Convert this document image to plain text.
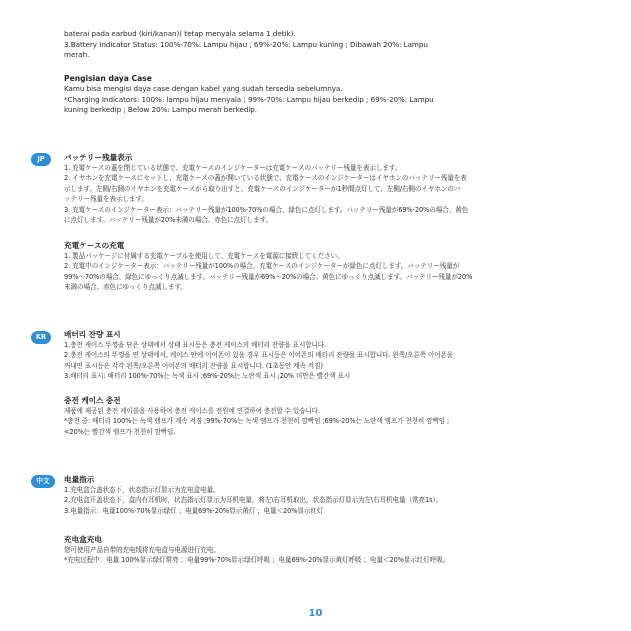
baterai pada earbud (kiri/kanan)( tetap menyala selama 1 detik).

3.Battery Indicator Status: 100%-70%: Lampu hijau ; 69%-20%: Lampu kuning ; Dibawah 20%: Lampu

merah.

Pengisian daya Case

Kamu bisa mengisi daya case dengan kabel yang sudah tersedia sebelumnya.

*Charging Indicators: 100%: lampu hijau menyala ; 99%-70%: Lampu hijau berkedip ; 69%-20%: Lampu

kuning berkedip ; Below 20%: Lampu merah berkedip.

JP	バッテリー残量表示

1. 充電ケースの蓋を閉じている状態で、充電ケースのインジケーターは充電ケースのバッテリー残量を表示します。

2. イヤホンを充電ケースにセットし、充電ケースの蓋が開いている状態で、充電ケースのインジケーターはイヤホンのバッテリー残量を表

示します。左側/右側のイヤホンを充電ケースから取り出すと、充電ケースのインジケーターが1秒間点灯して、左側/右側のイヤホンのバ

ッテリー残量を表示します。

3. 充電ケースのインジケーター表示：バッテリー残量が100%-70%の場合、緑色に点灯します。バッテリー残量が69%-20%の場合、黄色

に点灯します。バッテリー残量が20%未満の場合、赤色に点灯します。

充電ケースの充電

1. 製品パッケージに付属する充電ケーブルを使用して、充電ケースを電源に接続してください。

2. 充電中のインジケーター表示：バッテリー残量が100%の場合、充電ケースのインジケーターが緑色に点灯します。バッテリー残量が

99%～70%の場合、緑色にゆっくり点滅します。バッテリー残量が69%～20%の場合、黄色にゆっくり点滅します。バッテリー残量が20%

未満の場合、赤色にゆっくり点滅します。

KR	배터리 잔량 표시

1.충전 케이스 뚜껑을 닫은 상태에서 상태 표시등은 충전 케이스의 배터리 잔량을 표시합니다.

2.충전 케이스의 뚜껑을 연 상태에서, 케이스 안에 이어폰이 있을 경우 표시등은 이어폰의 배터리 잔량을 표시합니다. 왼쪽/오른쪽 이어폰을

꺼내면 표시등은 각각 왼쪽/오른쪽 이어폰의 배터리 잔량을 표시합니다. (1초동안 계속 켜짐)

3.배터리 표시: 배터리 100%-70%는 녹색 표시 ;69%-20%는 노란색 표시 ;20% 미만은 빨간색 표시

충전 케이스 충전

제품에 제공된 충전 케이블을 사용하여 충전 케이스를 전원에 연결하여 충전할 수 있습니다.

*충전 중: 배터리 100%는 녹색 램프가 계속 켜짐 ;99%-70%는 녹색 램프가 천천히 깜빡임 ;69%-20%는 노란색 램프가 천천히 깜빡임 ;

<20%는 빨간색 램프가 천천히 깜빡임.

中文	电量指示

1.充电盒合盖状态下，状态指示灯显示为充电盒电量。

2.充电盒开盖状态下，盒内有耳机时，状态指示灯显示为耳机电量，将左\右耳机取出，状态指示灯显示为左\右耳机电量（常亮1s）。

3.电量指示：电量100%-70%显示绿灯 ；电量69%-20%显示黄灯 ；电量＜20%显示红灯

充电盒充电

您可使用产品自带的充电线将充电盒与电源进行充电。

*充电过程中：电量 100%显示绿灯常亮 ；电量99%-70%显示绿灯呼吸 ；电量69%-20%显示黄灯呼吸 ；电量＜20%显示红灯呼吸。

10
